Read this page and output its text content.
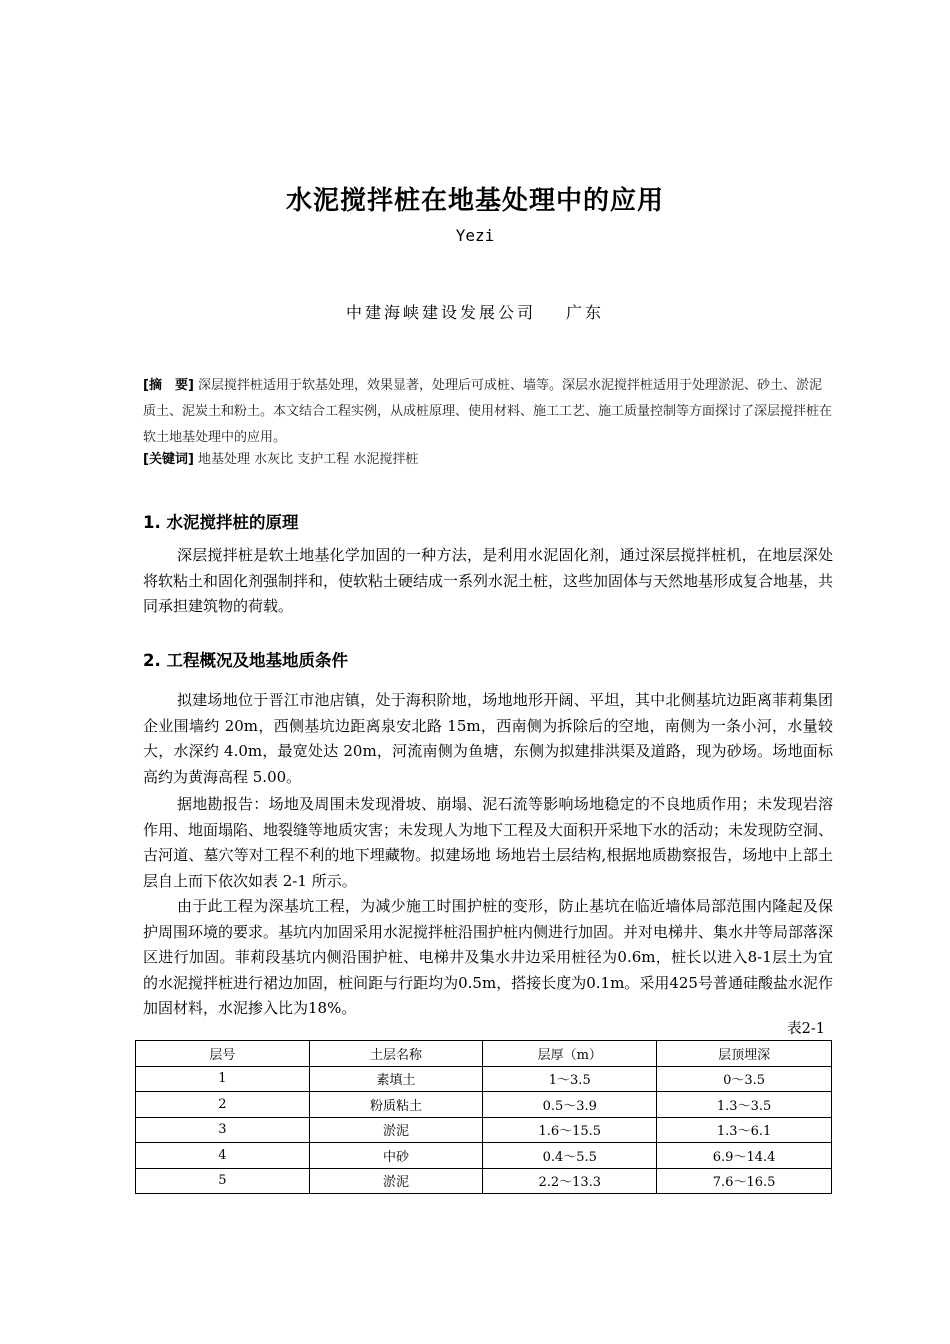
水泥搅拌桩在地基处理中的应用
Yezi
中建海峡建设发展公司 广东
[摘　要] 深层搅拌桩适用于软基处理，效果显著，处理后可成桩、墙等。深层水泥搅拌桩适用于处理淤泥、砂土、淤泥质土、泥炭土和粉土。本文结合工程实例，从成桩原理、使用材料、施工工艺、施工质量控制等方面探讨了深层搅拌桩在软土地基处理中的应用。
[关键词] 地基处理 水灰比 支护工程 水泥搅拌桩
1. 水泥搅拌桩的原理

深层搅拌桩是软土地基化学加固的一种方法，是利用水泥固化剂，通过深层搅拌桩机，在地层深处将软粘土和固化剂强制拌和，使软粘土硬结成一系列水泥土桩，这些加固体与天然地基形成复合地基，共同承担建筑物的荷载。

2. 工程概况及地基地质条件

拟建场地位于晋江市池店镇，处于海积阶地，场地地形开阔、平坦，其中北侧基坑边距离菲莉集团企业围墙约 20m，西侧基坑边距离泉安北路 15m，西南侧为拆除后的空地，南侧为一条小河，水量较大，水深约 4.0m，最宽处达 20m，河流南侧为鱼塘，东侧为拟建排洪渠及道路，现为砂场。场地面标高约为黄海高程 5.00。

据地勘报告：场地及周围未发现滑坡、崩塌、泥石流等影响场地稳定的不良地质作用；未发现岩溶作用、地面塌陷、地裂缝等地质灾害；未发现人为地下工程及大面积开采地下水的活动；未发现防空洞、古河道、墓穴等对工程不利的地下埋藏物。拟建场地 场地岩土层结构,根据地质勘察报告，场地中上部土层自上而下依次如表 2-1 所示。

由于此工程为深基坑工程，为减少施工时围护桩的变形，防止基坑在临近墙体局部范围内隆起及保护周围环境的要求。基坑内加固采用水泥搅拌桩沿围护桩内侧进行加固。并对电梯井、集水井等局部落深区进行加固。菲莉段基坑内侧沿围护桩、电梯井及集水井边采用桩径为0.6m，桩长以进入8-1层土为宜的水泥搅拌桩进行裙边加固，桩间距与行距均为0.5m，搭接长度为0.1m。采用425号普通硅酸盐水泥作加固材料，水泥掺入比为18%。

表2-1
层号	土层名称	层厚（m）	层顶埋深
1	素填土	1～3.5	0～3.5
2	粉质粘土	0.5～3.9	1.3～3.5
3	淤泥	1.6～15.5	1.3～6.1
4	中砂	0.4～5.5	6.9～14.4
5	淤泥	2.2～13.3	7.6～16.5
